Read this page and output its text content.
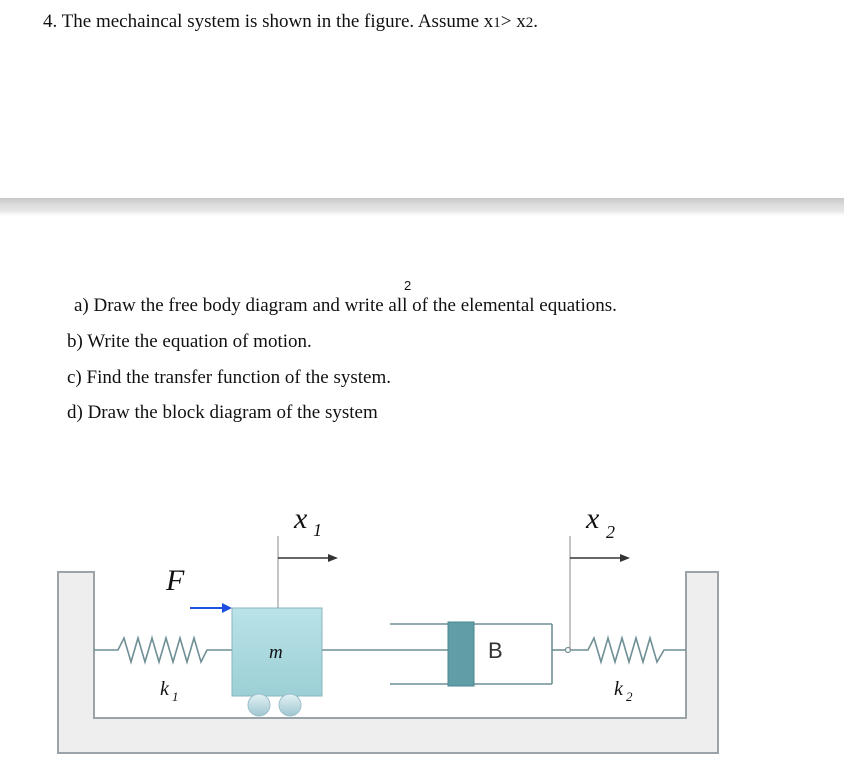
4. The mechaincal system is shown in the figure. Assume x1> x2.
2
a) Draw the free body diagram and write all of the elemental equations.
b) Write the equation of motion.
c) Find the transfer function of the system.
d) Draw the block diagram of the system
k 1
F
m
x 1
B
k 2
x 2
